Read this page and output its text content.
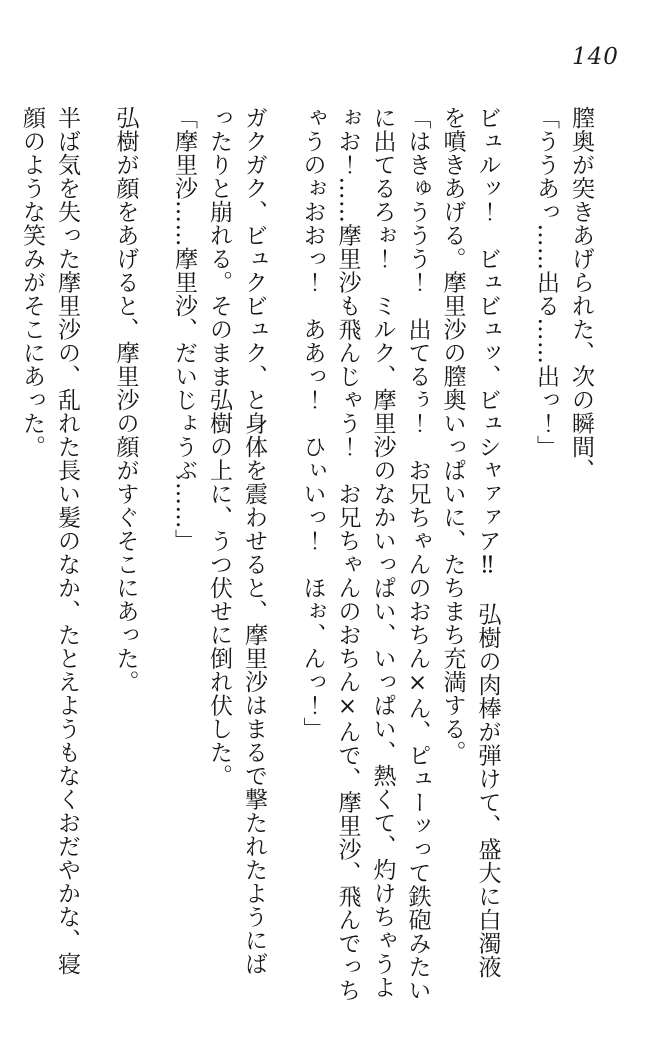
140
膣奥が突きあげられた、次の瞬間、
「ううあっ……出る……出っ！」
ビュルッ！　ビュビュッ、ビュシャァァア‼　弘樹の肉棒が弾けて、盛大に白濁液
を噴きあげる。摩里沙の膣奥いっぱいに、たちまち充満する。
「はきゅううう！　出てるぅ！　お兄ちゃんのおちん×ん、ピューッって鉄砲みたい
に出てるろぉ！　ミルク、摩里沙のなかいっぱい、いっぱい、熱くて、灼けちゃうよ
ぉお！……摩里沙も飛んじゃう！　お兄ちゃんのおちん×んで、摩里沙、飛んでっち
ゃうのぉおおっ！　ああっ！　ひぃいっ！　ほぉ、んっ！」
ガクガク、ビュクビュク、と身体を震わせると、摩里沙はまるで撃たれたようにば
ったりと崩れる。そのまま弘樹の上に、うつ伏せに倒れ伏した。
「摩里沙……摩里沙、だいじょうぶ……」
弘樹が顔をあげると、摩里沙の顔がすぐそこにあった。
半ば気を失った摩里沙の、乱れた長い髪のなか、たとえようもなくおだやかな、寝
顔のような笑みがそこにあった。
